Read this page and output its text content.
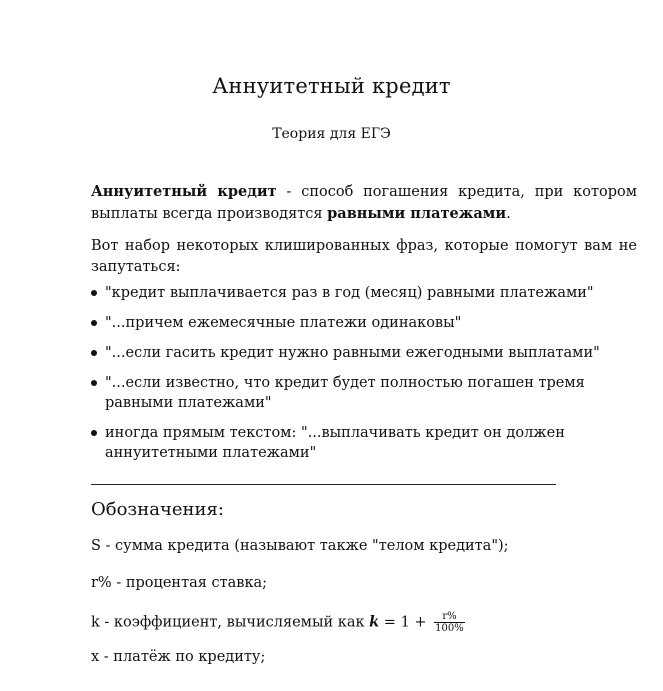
Аннуитетный кредит
Теория для ЕГЭ
Аннуитетный кредит - способ погашения кредита, при котором выплаты всегда производятся равными платежами.
Вот набор некоторых клишированных фраз, которые помогут вам не запутаться:
"кредит выплачивается раз в год (месяц) равными платежами"
"...причем ежемесячные платежи одинаковы"
"...если гасить кредит нужно равными ежегодными выплатами"
"...если известно, что кредит будет полностью погашен тремя равными платежами"
иногда прямым текстом: "...выплачивать кредит он должен аннуитетными платежами"
Обозначения:
S - сумма кредита (называют также "телом кредита");
r% - процентая ставка;
k - коэффициент, вычисляемый как $k = 1 + \frac{r\%}{100\%}$
x - платёж по кредиту;
